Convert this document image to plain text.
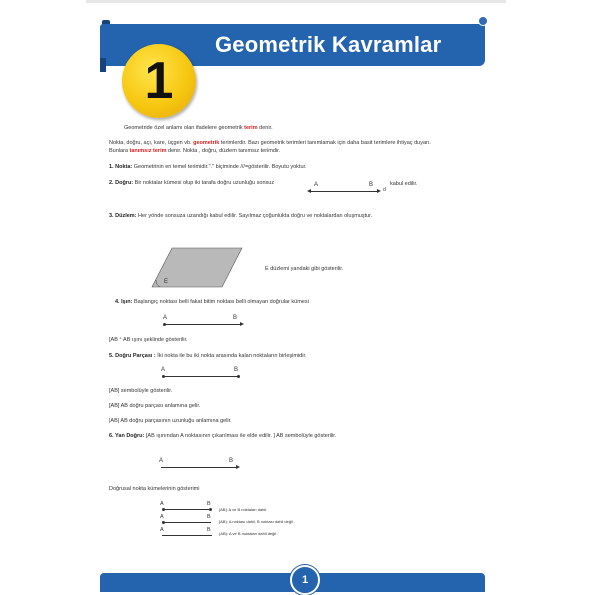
Geometrik Kavramlar
1
Geometride özel anlamı olan ifadelere geometrik terim denir.
Nokta, doğru, açı, kare, üçgen vb. geometrik terimlerdir. Bazı geometrik terimleri tanımlamak için daha basit terimlere ihtiyaç duyarı.
Bunlara tanımsız terim denir. Nokta , doğru, düzlem tanımsız terimdir.
1. Nokta: Geometrinin en temel terimidir."." biçiminde ///=gösterilir. Boyutu yoktur.
2. Doğru: Bir noktalar kümesi olup iki tarafa doğru uzunluğu sonsuz	A	B
d
kabul edilir.
3. Düzlem: Her yönde sonsuza uzandığı kabul edilir. Sayılmaz çoğunlukta doğru ve noktalardan oluşmuştur.
E
E düzlemi yandaki gibi gösterilir.
4. Işın: Başlangıç noktası belli fakat bitim noktası belli olmayan doğrular kümesi
A	B
[AB ᐩ AB ışını şeklinde gösterilir.
5. Doğru Parçası : İki nokta ile bu iki nokta arasında kalan noktaların birleşimidir.
A	B
[AB] sembolüyle gösterilir.
[AB] AB doğru parçası anlamına gelir.
|AB| AB doğru parçasının uzunluğu anlamına gelir.
6. Yan Doğru: [AB ışınından A noktasının çıkarılması ile elde edilir. ] AB sembolüyle gösterilir.
A	B
Doğrusal nokta kümelerinin gösterimi
A	B
[AB]: A ve B noktaları dahil.
A	B
[AB): A noktası dahil, B noktası dahil değil .
A	B
(AB): A ve B noktaları dahil değil .
1
